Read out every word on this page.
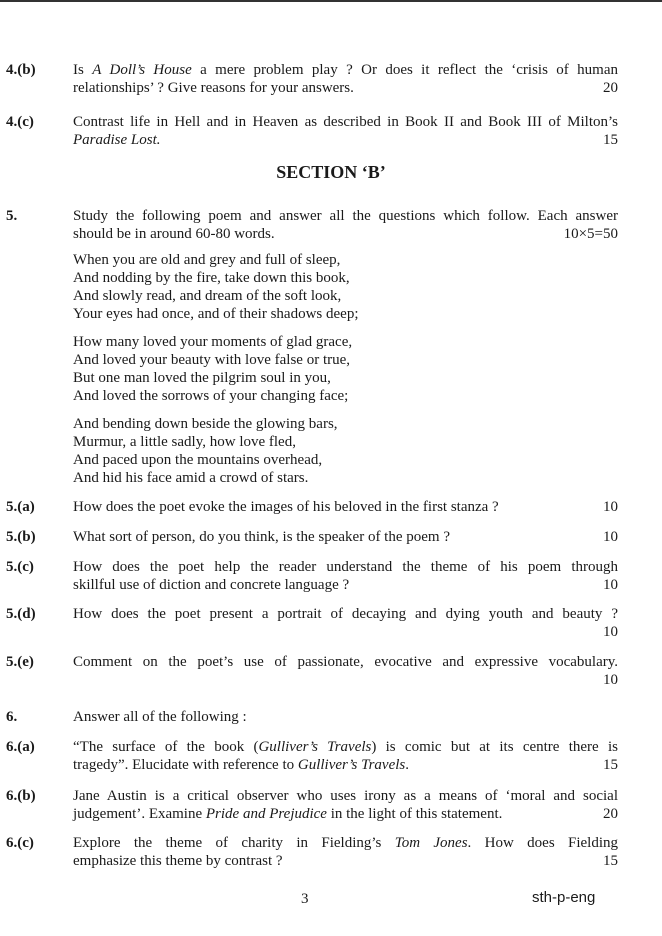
4.(b) Is A Doll’s House a mere problem play ? Or does it reflect the ‘crisis of human
relationships’ ? Give reasons for your answers.	20
4.(c)	Contrast life in Hell and in Heaven as described in Book II and Book III of Milton’s
Paradise Lost.	15
SECTION ‘B’
5.	Study the following poem and answer all the questions which follow. Each answer
should be in around 60-80 words.	10×5=50
When you are old and grey and full of sleep,
And nodding by the fire, take down this book,
And slowly read, and dream of the soft look,
Your eyes had once, and of their shadows deep;
How many loved your moments of glad grace,
And loved your beauty with love false or true,
But one man loved the pilgrim soul in you,
And loved the sorrows of your changing face;
And bending down beside the glowing bars,
Murmur, a little sadly, how love fled,
And paced upon the mountains overhead,
And hid his face amid a crowd of stars.
5.(a)	How does the poet evoke the images of his beloved in the first stanza ?	10
5.(b) What sort of person, do you think, is the speaker of the poem ?	10
5.(c)	How does the poet help the reader understand the theme of his poem through
skillful use of diction and concrete language ?	10
5.(d) How does the poet present a portrait of decaying and dying youth and beauty ?
10
5.(e)	Comment on the poet’s use of passionate, evocative and expressive vocabulary.
10
6.	Answer all of the following :
6.(a)	“The surface of the book (Gulliver’s Travels) is comic but at its centre there is
tragedy”. Elucidate with reference to Gulliver’s Travels.	15
6.(b) Jane Austin is a critical observer who uses irony as a means of ‘moral and social
judgement’. Examine Pride and Prejudice in the light of this statement.	20
6.(c)	Explore the theme of charity in Fielding’s Tom Jones. How does Fielding
emphasize this theme by contrast ?	15
3	sth-p-eng
